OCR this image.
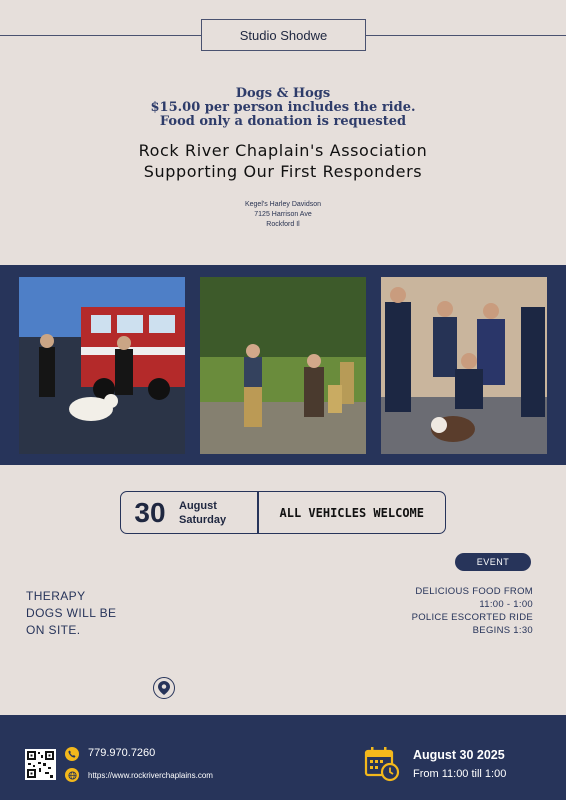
Studio Shodwe
Dogs & Hogs
$15.00 per person includes the ride.
Food only a donation is requested
Rock River Chaplain's Association
Supporting Our First Responders
Kegel's Harley Davidson
7125 Harrison Ave
Rockford Il
30	August
Saturday	ALL VEHICLES WELCOME
EVENT
THERAPY
DOGS WILL BE
ON SITE.
DELICIOUS FOOD FROM
11:00 - 1:00
POLICE ESCORTED RIDE
BEGINS 1:30
779.970.7260
https://www.rockriverchaplains.com
August 30 2025
From 11:00 till 1:00
